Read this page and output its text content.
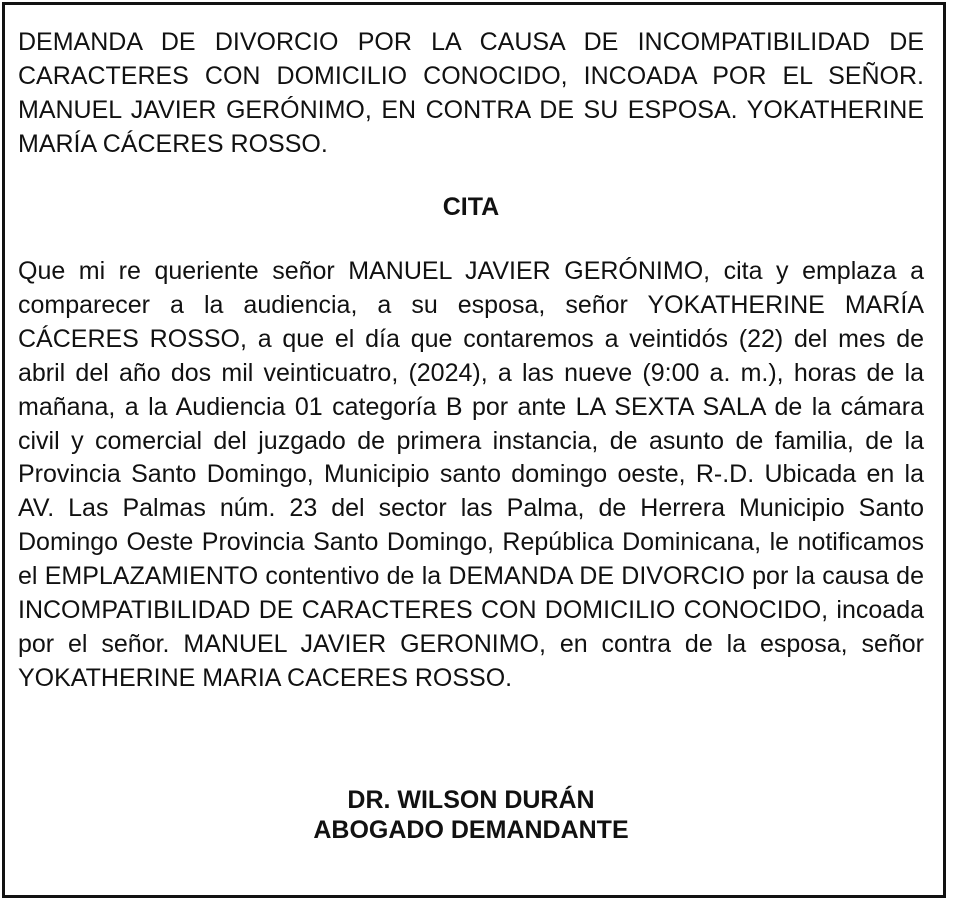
DEMANDA DE DIVORCIO POR LA CAUSA DE INCOMPATIBILIDAD DE CARACTERES CON DOMICILIO CONOCIDO, INCOADA POR EL SEÑOR. MANUEL JAVIER GERÓNIMO, EN CONTRA DE SU ESPOSA. YOKATHERINE MARÍA CÁCERES ROSSO.

CITA

Que mi re queriente señor MANUEL JAVIER GERÓNIMO, cita y emplaza a comparecer a la audiencia, a su esposa, señor YOKATHERINE MARÍA CÁCERES ROSSO, a que el día que contaremos a veintidós (22) del mes de abril del año dos mil veinticuatro, (2024), a las nueve (9:00 a. m.), horas de la mañana, a la Audiencia 01 categoría B por ante LA SEXTA SALA de la cámara civil y comercial del juzgado de primera instancia, de asunto de familia, de la Provincia Santo Domingo, Municipio santo domingo oeste, R-.D. Ubicada en la AV. Las Palmas núm. 23 del sector las Palma, de Herrera Municipio Santo Domingo Oeste Provincia Santo Domingo, República Dominicana, le notificamos el EMPLAZAMIENTO contentivo de la DEMANDA DE DIVORCIO por la causa de INCOMPATIBILIDAD DE CARACTERES CON DOMICILIO CONOCIDO, incoada por el señor. MANUEL JAVIER GERONIMO, en contra de la esposa, señor YOKATHERINE MARIA CACERES ROSSO.

DR. WILSON DURÁN
ABOGADO DEMANDANTE
